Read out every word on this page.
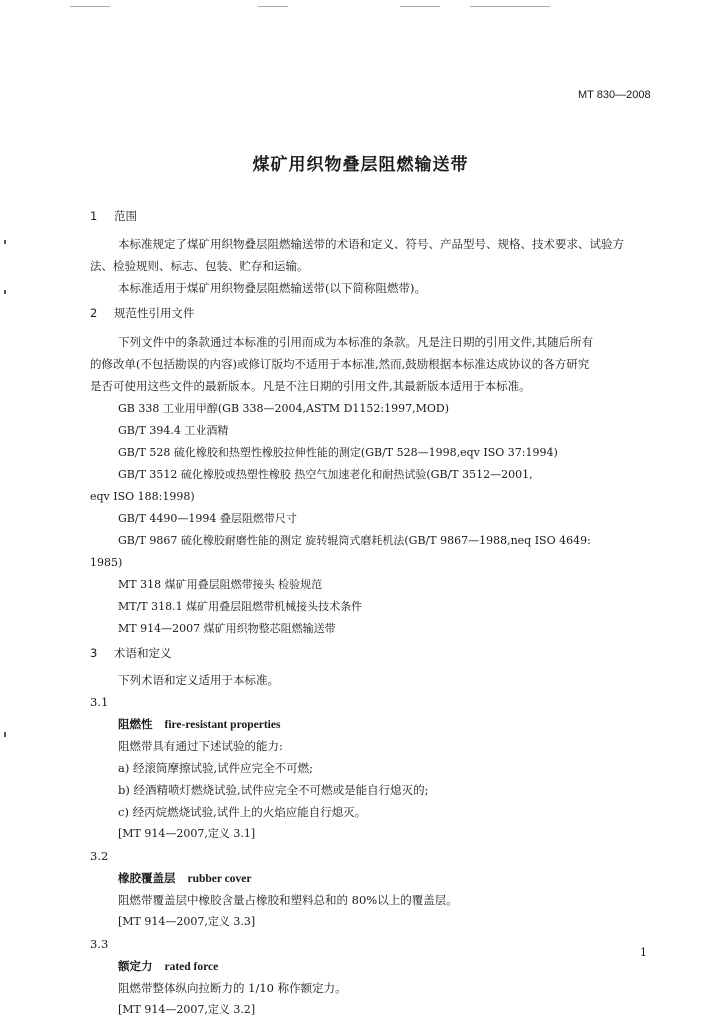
MT 830—2008
煤矿用织物叠层阻燃输送带
1 范围
本标准规定了煤矿用织物叠层阻燃输送带的术语和定义、符号、产品型号、规格、技术要求、试验方
法、检验规则、标志、包装、贮存和运输。
本标准适用于煤矿用织物叠层阻燃输送带(以下简称阻燃带)。
2 规范性引用文件
下列文件中的条款通过本标准的引用而成为本标准的条款。凡是注日期的引用文件,其随后所有
的修改单(不包括勘误的内容)或修订版均不适用于本标准,然而,鼓励根据本标准达成协议的各方研究
是否可使用这些文件的最新版本。凡是不注日期的引用文件,其最新版本适用于本标准。
GB 338 工业用甲醇(GB 338—2004,ASTM D1152:1997,MOD)
GB/T 394.4 工业酒精
GB/T 528 硫化橡胶和热塑性橡胶拉伸性能的测定(GB/T 528—1998,eqv ISO 37:1994)
GB/T 3512 硫化橡胶或热塑性橡胶 热空气加速老化和耐热试验(GB/T 3512—2001,
eqv ISO 188:1998)
GB/T 4490—1994 叠层阻燃带尺寸
GB/T 9867 硫化橡胶耐磨性能的测定 旋转辊筒式磨耗机法(GB/T 9867—1988,neq ISO 4649:
1985)
MT 318 煤矿用叠层阻燃带接头 检验规范
MT/T 318.1 煤矿用叠层阻燃带机械接头技术条件
MT 914—2007 煤矿用织物整芯阻燃输送带
3 术语和定义
下列术语和定义适用于本标准。
3.1
阻燃性 fire-resistant properties
阻燃带具有通过下述试验的能力:
a) 经滚筒摩擦试验,试件应完全不可燃;
b) 经酒精喷灯燃烧试验,试件应完全不可燃或是能自行熄灭的;
c) 经丙烷燃烧试验,试件上的火焰应能自行熄灭。
[MT 914—2007,定义 3.1]
3.2
橡胶覆盖层 rubber cover
阻燃带覆盖层中橡胶含量占橡胶和塑料总和的 80%以上的覆盖层。
[MT 914—2007,定义 3.3]
3.3
额定力 rated force
阻燃带整体纵向拉断力的 1/10 称作额定力。
[MT 914—2007,定义 3.2]
1
